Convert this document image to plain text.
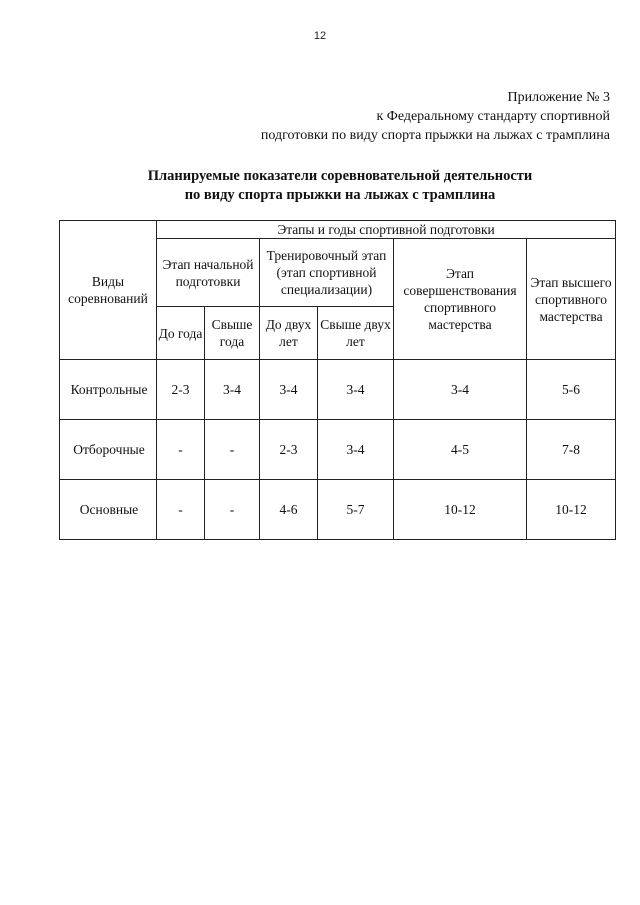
12
Приложение № 3
к Федеральному стандарту спортивной
подготовки по виду спорта прыжки на лыжах с трамплина
Планируемые показатели соревновательной деятельности
по виду спорта прыжки на лыжах с трамплина
Виды соревнований	Этапы и годы спортивной подготовки					
	Этап начальной подготовки		Тренировочный этап (этап спортивной специализации)		Этап совершенствования спортивного мастерства	Этап высшего спортивного мастерства
	До года	Свыше года	До двух лет	Свыше двух лет		
Контрольные	2-3	3-4	3-4	3-4	3-4	5-6
Отборочные	-	-	2-3	3-4	4-5	7-8
Основные	-	-	4-6	5-7	10-12	10-12
